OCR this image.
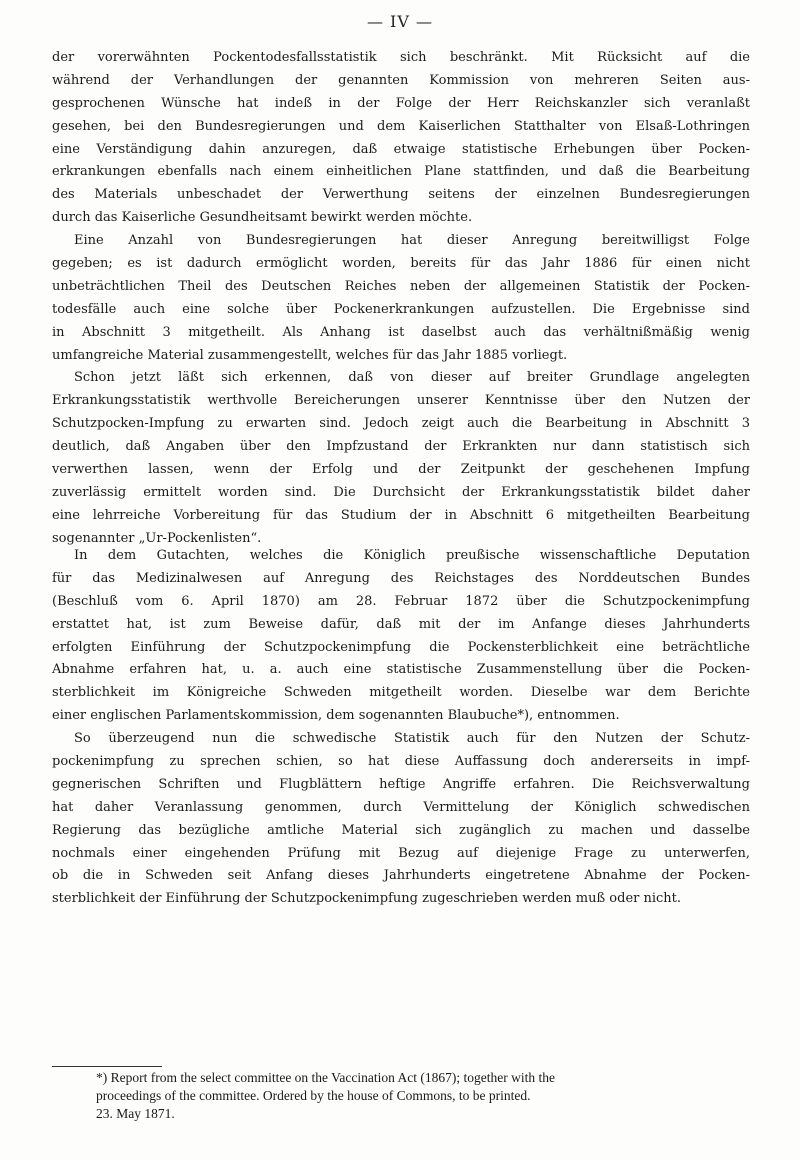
— IV —

der vorerwähnten Pockentodesfallsstatistik sich beschränkt. Mit Rücksicht auf die
während der Verhandlungen der genannten Kommission von mehreren Seiten aus-
gesprochenen Wünsche hat indeß in der Folge der Herr Reichskanzler sich veranlaßt
gesehen, bei den Bundesregierungen und dem Kaiserlichen Statthalter von Elsaß-Lothringen
eine Verständigung dahin anzuregen, daß etwaige statistische Erhebungen über Pocken-
erkrankungen ebenfalls nach einem einheitlichen Plane stattfinden, und daß die Bearbeitung
des Materials unbeschadet der Verwerthung seitens der einzelnen Bundesregierungen
durch das Kaiserliche Gesundheitsamt bewirkt werden möchte.
Eine Anzahl von Bundesregierungen hat dieser Anregung bereitwilligst Folge
gegeben; es ist dadurch ermöglicht worden, bereits für das Jahr 1886 für einen nicht
unbeträchtlichen Theil des Deutschen Reiches neben der allgemeinen Statistik der Pocken-
todesfälle auch eine solche über Pockenerkrankungen aufzustellen. Die Ergebnisse sind
in Abschnitt 3 mitgetheilt. Als Anhang ist daselbst auch das verhältnißmäßig wenig
umfangreiche Material zusammengestellt, welches für das Jahr 1885 vorliegt.
Schon jetzt läßt sich erkennen, daß von dieser auf breiter Grundlage angelegten
Erkrankungsstatistik werthvolle Bereicherungen unserer Kenntnisse über den Nutzen der
Schutzpocken-Impfung zu erwarten sind. Jedoch zeigt auch die Bearbeitung in Abschnitt 3
deutlich, daß Angaben über den Impfzustand der Erkrankten nur dann statistisch sich
verwerthen lassen, wenn der Erfolg und der Zeitpunkt der geschehenen Impfung
zuverlässig ermittelt worden sind. Die Durchsicht der Erkrankungsstatistik bildet daher
eine lehrreiche Vorbereitung für das Studium der in Abschnitt 6 mitgetheilten Bearbeitung
sogenannter „Ur-Pockenlisten“.

In dem Gutachten, welches die Königlich preußische wissenschaftliche Deputation
für das Medizinalwesen auf Anregung des Reichstages des Norddeutschen Bundes
(Beschluß vom 6. April 1870) am 28. Februar 1872 über die Schutzpockenimpfung
erstattet hat, ist zum Beweise dafür, daß mit der im Anfange dieses Jahrhunderts
erfolgten Einführung der Schutzpockenimpfung die Pockensterblichkeit eine beträchtliche
Abnahme erfahren hat, u. a. auch eine statistische Zusammenstellung über die Pocken-
sterblichkeit im Königreiche Schweden mitgetheilt worden. Dieselbe war dem Berichte
einer englischen Parlamentskommission, dem sogenannten Blaubuche*), entnommen.
So überzeugend nun die schwedische Statistik auch für den Nutzen der Schutz-
pockenimpfung zu sprechen schien, so hat diese Auffassung doch andererseits in impf-
gegnerischen Schriften und Flugblättern heftige Angriffe erfahren. Die Reichsverwaltung
hat daher Veranlassung genommen, durch Vermittelung der Königlich schwedischen
Regierung das bezügliche amtliche Material sich zugänglich zu machen und dasselbe
nochmals einer eingehenden Prüfung mit Bezug auf diejenige Frage zu unterwerfen,
ob die in Schweden seit Anfang dieses Jahrhunderts eingetretene Abnahme der Pocken-
sterblichkeit der Einführung der Schutzpockenimpfung zugeschrieben werden muß oder nicht.

*) Report from the select committee on the Vaccination Act (1867); together with the
proceedings of the committee. Ordered by the house of Commons, to be printed.
23. May 1871.
